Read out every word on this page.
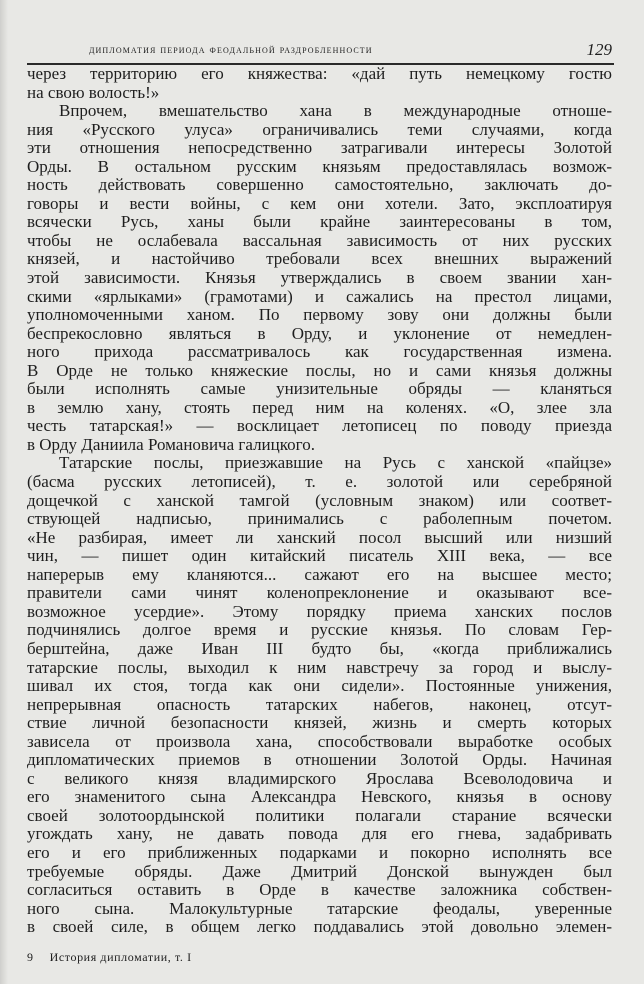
дипломатия периода феодальной раздробленности	129
через территорию его княжества: «дай путь немецкому гостю
на свою волость!»
Впрочем, вмешательство хана в международные отноше-
ния «Русского улуса» ограничивались теми случаями, когда
эти отношения непосредственно затрагивали интересы Золотой
Орды. В остальном русским князьям предоставлялась возмож-
ность действовать совершенно самостоятельно, заключать до-
говоры и вести войны, с кем они хотели. Зато, эксплоатируя
всячески Русь, ханы были крайне заинтересованы в том,
чтобы не ослабевала вассальная зависимость от них русских
князей, и настойчиво требовали всех внешних выражений
этой зависимости. Князья утверждались в своем звании хан-
скими «ярлыками» (грамотами) и сажались на престол лицами,
уполномоченными ханом. По первому зову они должны были
беспрекословно являться в Орду, и уклонение от немедлен-
ного прихода рассматривалось как государственная измена.
В Орде не только княжеские послы, но и сами князья должны
были исполнять самые унизительные обряды — кланяться
в землю хану, стоять перед ним на коленях. «О, злее зла
честь татарская!» — восклицает летописец по поводу приезда
в Орду Даниила Романовича галицкого.
Татарские послы, приезжавшие на Русь с ханской «пайцзе»
(басма русских летописей), т. е. золотой или серебряной
дощечкой с ханской тамгой (условным знаком) или соответ-
ствующей надписью, принимались с раболепным почетом.
«Не разбирая, имеет ли ханский посол высший или низший
чин, — пишет один китайский писатель XIII века, — все
наперерыв ему кланяются... сажают его на высшее место;
правители сами чинят коленопреклонение и оказывают все-
возможное усердие». Этому порядку приема ханских послов
подчинялись долгое время и русские князья. По словам Гер-
берштейна, даже Иван III будто бы, «когда приближались
татарские послы, выходил к ним навстречу за город и выслу-
шивал их стоя, тогда как они сидели». Постоянные унижения,
непрерывная опасность татарских набегов, наконец, отсут-
ствие личной безопасности князей, жизнь и смерть которых
зависела от произвола хана, способствовали выработке особых
дипломатических приемов в отношении Золотой Орды. Начиная
с великого князя владимирского Ярослава Всеволодовича и
его знаменитого сына Александра Невского, князья в основу
своей золотоордынской политики полагали старание всячески
угождать хану, не давать повода для его гнева, задабривать
его и его приближенных подарками и покорно исполнять все
требуемые обряды. Даже Дмитрий Донской вынужден был
согласиться оставить в Орде в качестве заложника собствен-
ного сына. Малокультурные татарские феодалы, уверенные
в своей силе, в общем легко поддавались этой довольно элемен-
9 История дипломатии, т. I
